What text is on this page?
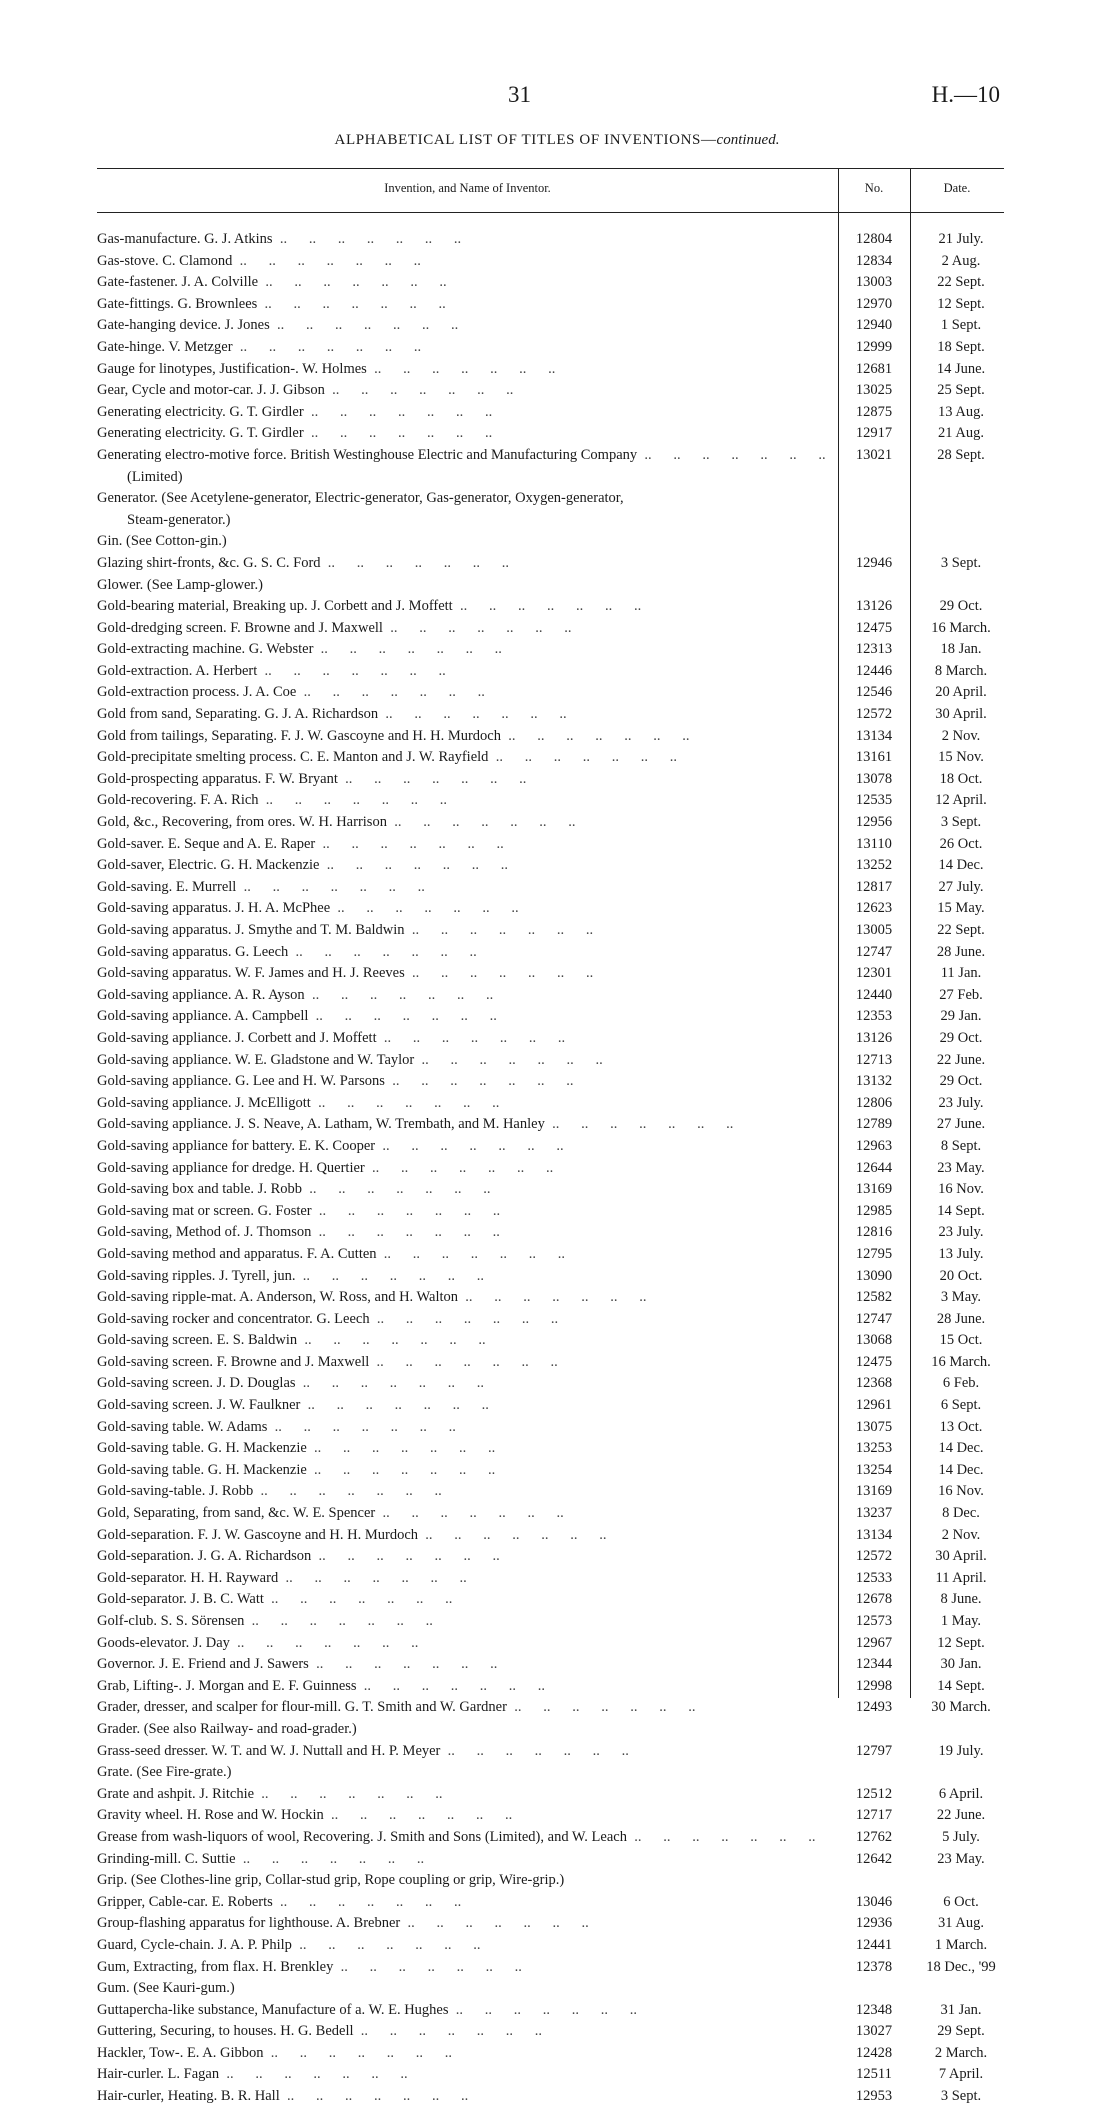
31	H.—10
ALPHABETICAL LIST OF TITLES OF INVENTIONS—continued.
Invention, and Name of Inventor.	No.	Date.
Gas-manufacture. G. J. Atkins  ..      ..      ..      ..      ..      ..      ..	12804	21 July.
Gas-stove. C. Clamond  ..      ..      ..      ..      ..      ..      ..	12834	2 Aug.
Gate-fastener. J. A. Colville  ..      ..      ..      ..      ..      ..      ..	13003	22 Sept.
Gate-fittings. G. Brownlees  ..      ..      ..      ..      ..      ..      ..	12970	12 Sept.
Gate-hanging device. J. Jones  ..      ..      ..      ..      ..      ..      ..	12940	1 Sept.
Gate-hinge. V. Metzger  ..      ..      ..      ..      ..      ..      ..	12999	18 Sept.
Gauge for linotypes, Justification-. W. Holmes  ..      ..      ..      ..      ..      ..      ..	12681	14 June.
Gear, Cycle and motor-car. J. J. Gibson  ..      ..      ..      ..      ..      ..      ..	13025	25 Sept.
Generating electricity. G. T. Girdler  ..      ..      ..      ..      ..      ..      ..	12875	13 Aug.
Generating electricity. G. T. Girdler  ..      ..      ..      ..      ..      ..      ..	12917	21 Aug.
Generating electro-motive force. British Westinghouse Electric and Manufacturing Company  ..      ..      ..      ..      ..      ..      ..	13021	28 Sept.
(Limited)
Generator. (See Acetylene-generator, Electric-generator, Gas-generator, Oxygen-generator,
Steam-generator.)
Gin. (See Cotton-gin.)
Glazing shirt-fronts, &c. G. S. C. Ford  ..      ..      ..      ..      ..      ..      ..	12946	3 Sept.
Glower. (See Lamp-glower.)
Gold-bearing material, Breaking up. J. Corbett and J. Moffett  ..      ..      ..      ..      ..      ..      ..	13126	29 Oct.
Gold-dredging screen. F. Browne and J. Maxwell  ..      ..      ..      ..      ..      ..      ..	12475	16 March.
Gold-extracting machine. G. Webster  ..      ..      ..      ..      ..      ..      ..	12313	18 Jan.
Gold-extraction. A. Herbert  ..      ..      ..      ..      ..      ..      ..	12446	8 March.
Gold-extraction process. J. A. Coe  ..      ..      ..      ..      ..      ..      ..	12546	20 April.
Gold from sand, Separating. G. J. A. Richardson  ..      ..      ..      ..      ..      ..      ..	12572	30 April.
Gold from tailings, Separating. F. J. W. Gascoyne and H. H. Murdoch  ..      ..      ..      ..      ..      ..      ..	13134	2 Nov.
Gold-precipitate smelting process. C. E. Manton and J. W. Rayfield  ..      ..      ..      ..      ..      ..      ..	13161	15 Nov.
Gold-prospecting apparatus. F. W. Bryant  ..      ..      ..      ..      ..      ..      ..	13078	18 Oct.
Gold-recovering. F. A. Rich  ..      ..      ..      ..      ..      ..      ..	12535	12 April.
Gold, &c., Recovering, from ores. W. H. Harrison  ..      ..      ..      ..      ..      ..      ..	12956	3 Sept.
Gold-saver. E. Seque and A. E. Raper  ..      ..      ..      ..      ..      ..      ..	13110	26 Oct.
Gold-saver, Electric. G. H. Mackenzie  ..      ..      ..      ..      ..      ..      ..	13252	14 Dec.
Gold-saving. E. Murrell  ..      ..      ..      ..      ..      ..      ..	12817	27 July.
Gold-saving apparatus. J. H. A. McPhee  ..      ..      ..      ..      ..      ..      ..	12623	15 May.
Gold-saving apparatus. J. Smythe and T. M. Baldwin  ..      ..      ..      ..      ..      ..      ..	13005	22 Sept.
Gold-saving apparatus. G. Leech  ..      ..      ..      ..      ..      ..      ..	12747	28 June.
Gold-saving apparatus. W. F. James and H. J. Reeves  ..      ..      ..      ..      ..      ..      ..	12301	11 Jan.
Gold-saving appliance. A. R. Ayson  ..      ..      ..      ..      ..      ..      ..	12440	27 Feb.
Gold-saving appliance. A. Campbell  ..      ..      ..      ..      ..      ..      ..	12353	29 Jan.
Gold-saving appliance. J. Corbett and J. Moffett  ..      ..      ..      ..      ..      ..      ..	13126	29 Oct.
Gold-saving appliance. W. E. Gladstone and W. Taylor  ..      ..      ..      ..      ..      ..      ..	12713	22 June.
Gold-saving appliance. G. Lee and H. W. Parsons  ..      ..      ..      ..      ..      ..      ..	13132	29 Oct.
Gold-saving appliance. J. McElligott  ..      ..      ..      ..      ..      ..      ..	12806	23 July.
Gold-saving appliance. J. S. Neave, A. Latham, W. Trembath, and M. Hanley  ..      ..      ..      ..      ..      ..      ..	12789	27 June.
Gold-saving appliance for battery. E. K. Cooper  ..      ..      ..      ..      ..      ..      ..	12963	8 Sept.
Gold-saving appliance for dredge. H. Quertier  ..      ..      ..      ..      ..      ..      ..	12644	23 May.
Gold-saving box and table. J. Robb  ..      ..      ..      ..      ..      ..      ..	13169	16 Nov.
Gold-saving mat or screen. G. Foster  ..      ..      ..      ..      ..      ..      ..	12985	14 Sept.
Gold-saving, Method of. J. Thomson  ..      ..      ..      ..      ..      ..      ..	12816	23 July.
Gold-saving method and apparatus. F. A. Cutten  ..      ..      ..      ..      ..      ..      ..	12795	13 July.
Gold-saving ripples. J. Tyrell, jun.  ..      ..      ..      ..      ..      ..      ..	13090	20 Oct.
Gold-saving ripple-mat. A. Anderson, W. Ross, and H. Walton  ..      ..      ..      ..      ..      ..      ..	12582	3 May.
Gold-saving rocker and concentrator. G. Leech  ..      ..      ..      ..      ..      ..      ..	12747	28 June.
Gold-saving screen. E. S. Baldwin  ..      ..      ..      ..      ..      ..      ..	13068	15 Oct.
Gold-saving screen. F. Browne and J. Maxwell  ..      ..      ..      ..      ..      ..      ..	12475	16 March.
Gold-saving screen. J. D. Douglas  ..      ..      ..      ..      ..      ..      ..	12368	6 Feb.
Gold-saving screen. J. W. Faulkner  ..      ..      ..      ..      ..      ..      ..	12961	6 Sept.
Gold-saving table. W. Adams  ..      ..      ..      ..      ..      ..      ..	13075	13 Oct.
Gold-saving table. G. H. Mackenzie  ..      ..      ..      ..      ..      ..      ..	13253	14 Dec.
Gold-saving table. G. H. Mackenzie  ..      ..      ..      ..      ..      ..      ..	13254	14 Dec.
Gold-saving-table. J. Robb  ..      ..      ..      ..      ..      ..      ..	13169	16 Nov.
Gold, Separating, from sand, &c. W. E. Spencer  ..      ..      ..      ..      ..      ..      ..	13237	8 Dec.
Gold-separation. F. J. W. Gascoyne and H. H. Murdoch  ..      ..      ..      ..      ..      ..      ..	13134	2 Nov.
Gold-separation. J. G. A. Richardson  ..      ..      ..      ..      ..      ..      ..	12572	30 April.
Gold-separator. H. H. Rayward  ..      ..      ..      ..      ..      ..      ..	12533	11 April.
Gold-separator. J. B. C. Watt  ..      ..      ..      ..      ..      ..      ..	12678	8 June.
Golf-club. S. S. Sörensen  ..      ..      ..      ..      ..      ..      ..	12573	1 May.
Goods-elevator. J. Day  ..      ..      ..      ..      ..      ..      ..	12967	12 Sept.
Governor. J. E. Friend and J. Sawers  ..      ..      ..      ..      ..      ..      ..	12344	30 Jan.
Grab, Lifting-. J. Morgan and E. F. Guinness  ..      ..      ..      ..      ..      ..      ..	12998	14 Sept.
Grader, dresser, and scalper for flour-mill. G. T. Smith and W. Gardner  ..      ..      ..      ..      ..      ..      ..	12493	30 March.
Grader. (See also Railway- and road-grader.)
Grass-seed dresser. W. T. and W. J. Nuttall and H. P. Meyer  ..      ..      ..      ..      ..      ..      ..	12797	19 July.
Grate. (See Fire-grate.)
Grate and ashpit. J. Ritchie  ..      ..      ..      ..      ..      ..      ..	12512	6 April.
Gravity wheel. H. Rose and W. Hockin  ..      ..      ..      ..      ..      ..      ..	12717	22 June.
Grease from wash-liquors of wool, Recovering. J. Smith and Sons (Limited), and W. Leach  ..      ..      ..      ..      ..      ..      ..	12762	5 July.
Grinding-mill. C. Suttie  ..      ..      ..      ..      ..      ..      ..	12642	23 May.
Grip. (See Clothes-line grip, Collar-stud grip, Rope coupling or grip, Wire-grip.)
Gripper, Cable-car. E. Roberts  ..      ..      ..      ..      ..      ..      ..	13046	6 Oct.
Group-flashing apparatus for lighthouse. A. Brebner  ..      ..      ..      ..      ..      ..      ..	12936	31 Aug.
Guard, Cycle-chain. J. A. P. Philp  ..      ..      ..      ..      ..      ..      ..	12441	1 March.
Gum, Extracting, from flax. H. Brenkley  ..      ..      ..      ..      ..      ..      ..	12378	18 Dec., '99
Gum. (See Kauri-gum.)
Guttapercha-like substance, Manufacture of a. W. E. Hughes  ..      ..      ..      ..      ..      ..      ..	12348	31 Jan.
Guttering, Securing, to houses. H. G. Bedell  ..      ..      ..      ..      ..      ..      ..	13027	29 Sept.
Hackler, Tow-. E. A. Gibbon  ..      ..      ..      ..      ..      ..      ..	12428	2 March.
Hair-curler. L. Fagan  ..      ..      ..      ..      ..      ..      ..	12511	7 April.
Hair-curler, Heating. B. R. Hall  ..      ..      ..      ..      ..      ..      ..	12953	3 Sept.
